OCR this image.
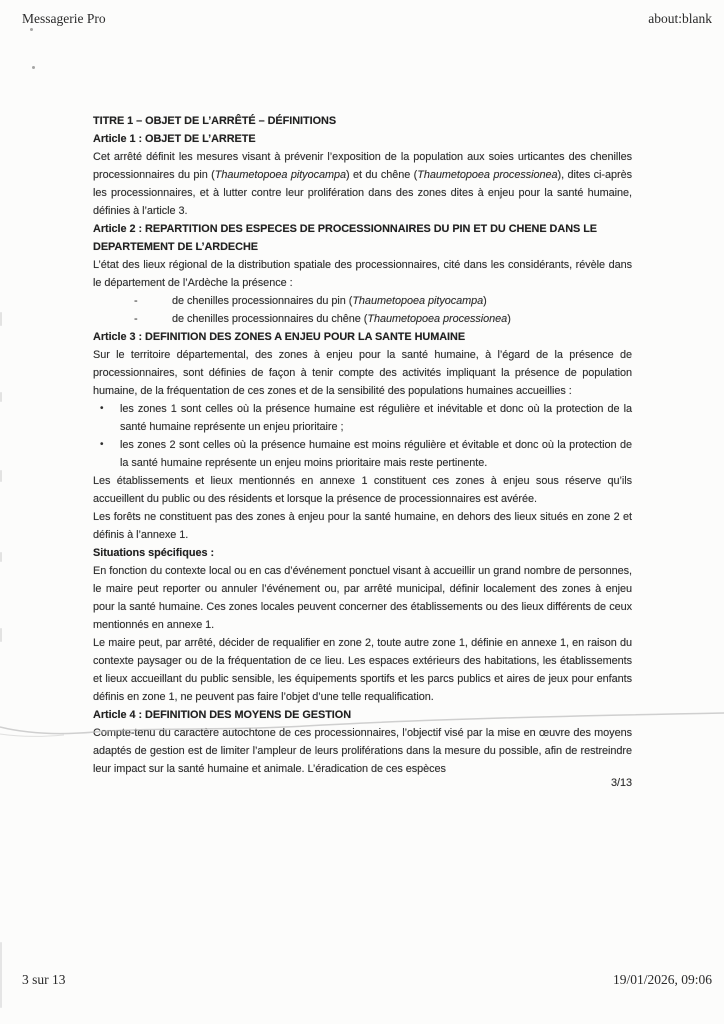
Messagerie Pro	about:blank
TITRE 1 – OBJET DE L’ARRÊTÉ – DÉFINITIONS
Article 1 : OBJET DE L’ARRETE

Cet arrêté définit les mesures visant à prévenir l’exposition de la population aux soies urticantes des chenilles processionnaires du pin (Thaumetopoea pityocampa) et du chêne (Thaumetopoea processionea), dites ci-après les processionnaires, et à lutter contre leur prolifération dans des zones dites à enjeu pour la santé humaine, définies à l’article 3.

Article 2 : REPARTITION DES ESPECES DE PROCESSIONNAIRES DU PIN ET DU CHENE DANS LE DEPARTEMENT DE L’ARDECHE

L’état des lieux régional de la distribution spatiale des processionnaires, cité dans les considérants, révèle dans le département de l’Ardèche la présence :

-	de chenilles processionnaires du pin (Thaumetopoea pityocampa)
-	de chenilles processionnaires du chêne (Thaumetopoea processionea)
Article 3 : DEFINITION DES ZONES A ENJEU POUR LA SANTE HUMAINE

Sur le territoire départemental, des zones à enjeu pour la santé humaine, à l’égard de la présence de processionnaires, sont définies de façon à tenir compte des activités impliquant la présence de population humaine, de la fréquentation de ces zones et de la sensibilité des populations humaines accueillies :

• les zones 1 sont celles où la présence humaine est régulière et inévitable et donc où la protection de la santé humaine représente un enjeu prioritaire ;
• les zones 2 sont celles où la présence humaine est moins régulière et évitable et donc où la protection de la santé humaine représente un enjeu moins prioritaire mais reste pertinente.

Les établissements et lieux mentionnés en annexe 1 constituent ces zones à enjeu sous réserve qu’ils accueillent du public ou des résidents et lorsque la présence de processionnaires est avérée.

Les forêts ne constituent pas des zones à enjeu pour la santé humaine, en dehors des lieux situés en zone 2 et définis à l’annexe 1.

Situations spécifiques :

En fonction du contexte local ou en cas d’événement ponctuel visant à accueillir un grand nombre de personnes, le maire peut reporter ou annuler l’événement ou, par arrêté municipal, définir localement des zones à enjeu pour la santé humaine. Ces zones locales peuvent concerner des établissements ou des lieux différents de ceux mentionnés en annexe 1.

Le maire peut, par arrêté, décider de requalifier en zone 2, toute autre zone 1, définie en annexe 1, en raison du contexte paysager ou de la fréquentation de ce lieu. Les espaces extérieurs des habitations, les établissements et lieux accueillant du public sensible, les équipements sportifs et les parcs publics et aires de jeux pour enfants définis en zone 1, ne peuvent pas faire l’objet d’une telle requalification.

Article 4 : DEFINITION DES MOYENS DE GESTION

Compte-tenu du caractère autochtone de ces processionnaires, l’objectif visé par la mise en œuvre des moyens adaptés de gestion est de limiter l’ampleur de leurs proliférations dans la mesure du possible, afin de restreindre leur impact sur la santé humaine et animale. L’éradication de ces espèces

3/13
3 sur 13	19/01/2026, 09:06
